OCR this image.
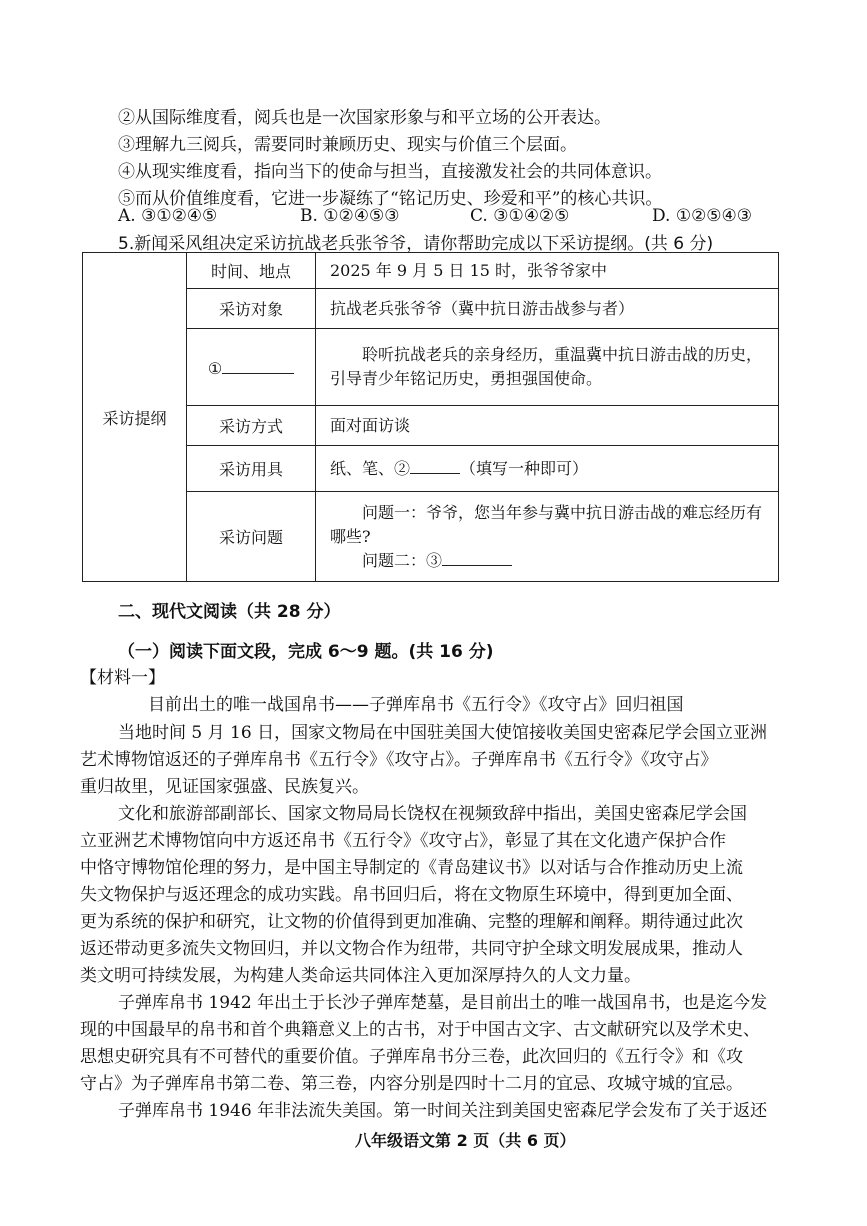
②从国际维度看，阅兵也是一次国家形象与和平立场的公开表达。
③理解九三阅兵，需要同时兼顾历史、现实与价值三个层面。
④从现实维度看，指向当下的使命与担当，直接激发社会的共同体意识。
⑤而从价值维度看，它进一步凝练了“铭记历史、珍爱和平”的核心共识。
A. ③①②④⑤	B. ①②④⑤③	C. ③①④②⑤	D. ①②⑤④③
5.新闻采风组决定采访抗战老兵张爷爷，请你帮助完成以下采访提纲。(共 6 分)
采访提纲	时间、地点	2025 年 9 月 5 日 15 时，张爷爷家中
	采访对象	抗战老兵张爷爷（冀中抗日游击战参与者）
	①	聆听抗战老兵的亲身经历，重温冀中抗日游击战的历史，引导青少年铭记历史，勇担强国使命。
	采访方式	面对面访谈
	采访用具	纸、笔、② （填写一种即可）
	采访问题	问题一：爷爷，您当年参与冀中抗日游击战的难忘经历有哪些?
问题二：③
二、现代文阅读（共 28 分）
（一）阅读下面文段，完成 6～9 题。(共 16 分)
【材料一】
目前出土的唯一战国帛书——子弹库帛书《五行令》《攻守占》回归祖国
当地时间 5 月 16 日，国家文物局在中国驻美国大使馆接收美国史密森尼学会国立亚洲
艺术博物馆返还的子弹库帛书《五行令》《攻守占》。子弹库帛书《五行令》《攻守占》
重归故里，见证国家强盛、民族复兴。
文化和旅游部副部长、国家文物局局长饶权在视频致辞中指出，美国史密森尼学会国
立亚洲艺术博物馆向中方返还帛书《五行令》《攻守占》，彰显了其在文化遗产保护合作
中恪守博物馆伦理的努力，是中国主导制定的《青岛建议书》以对话与合作推动历史上流
失文物保护与返还理念的成功实践。帛书回归后，将在文物原生环境中，得到更加全面、
更为系统的保护和研究，让文物的价值得到更加准确、完整的理解和阐释。期待通过此次
返还带动更多流失文物回归，并以文物合作为纽带，共同守护全球文明发展成果，推动人
类文明可持续发展，为构建人类命运共同体注入更加深厚持久的人文力量。
子弹库帛书 1942 年出土于长沙子弹库楚墓，是目前出土的唯一战国帛书，也是迄今发
现的中国最早的帛书和首个典籍意义上的古书，对于中国古文字、古文献研究以及学术史、
思想史研究具有不可替代的重要价值。子弹库帛书分三卷，此次回归的《五行令》和《攻
守占》为子弹库帛书第二卷、第三卷，内容分别是四时十二月的宜忌、攻城守城的宜忌。
子弹库帛书 1946 年非法流失美国。第一时间关注到美国史密森尼学会发布了关于返还
八年级语文第 2 页（共 6 页）
